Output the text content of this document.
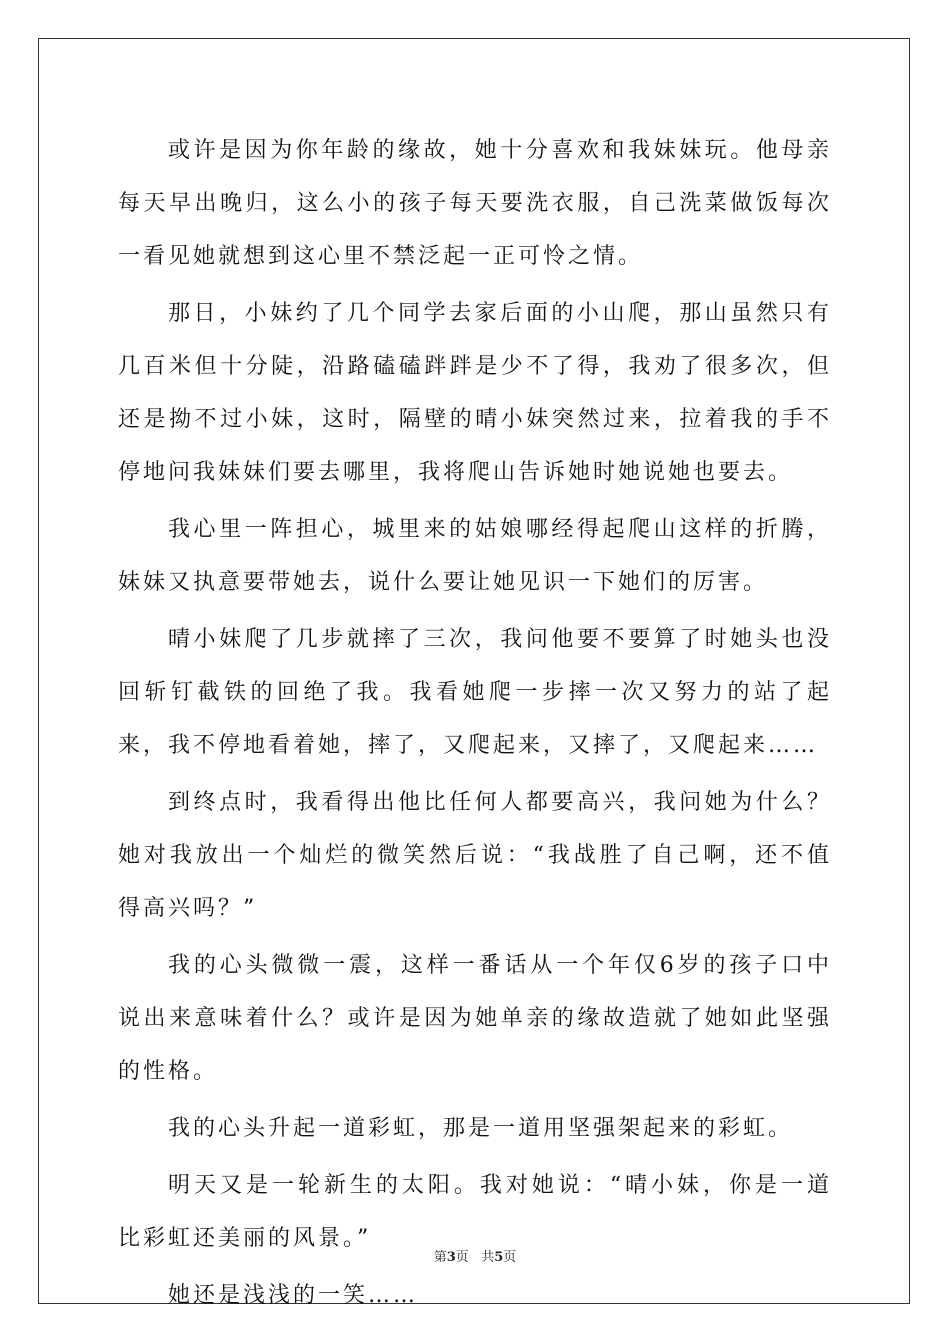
或许是因为你年龄的缘故，她十分喜欢和我妹妹玩。他母亲每天早出晚归，这么小的孩子每天要洗衣服，自己洗菜做饭每次一看见她就想到这心里不禁泛起一正可怜之情。

那日，小妹约了几个同学去家后面的小山爬，那山虽然只有几百米但十分陡，沿路磕磕跘跘是少不了得，我劝了很多次，但还是拗不过小妹，这时，隔壁的晴小妹突然过来，拉着我的手不停地问我妹妹们要去哪里，我将爬山告诉她时她说她也要去。

我心里一阵担心，城里来的姑娘哪经得起爬山这样的折腾，妹妹又执意要带她去，说什么要让她见识一下她们的厉害。

晴小妹爬了几步就摔了三次，我问他要不要算了时她头也没回斩钉截铁的回绝了我。我看她爬一步摔一次又努力的站了起来，我不停地看着她，摔了，又爬起来，又摔了，又爬起来……

到终点时，我看得出他比任何人都要高兴，我问她为什么？她对我放出一个灿烂的微笑然后说：“我战胜了自己啊，还不值得高兴吗？”

我的心头微微一震，这样一番话从一个年仅6岁的孩子口中说出来意味着什么？或许是因为她单亲的缘故造就了她如此坚强的性格。

我的心头升起一道彩虹，那是一道用坚强架起来的彩虹。

明天又是一轮新生的太阳。我对她说：“晴小妹，你是一道比彩虹还美丽的风景。”

她还是浅浅的一笑……

第3页 共5页
